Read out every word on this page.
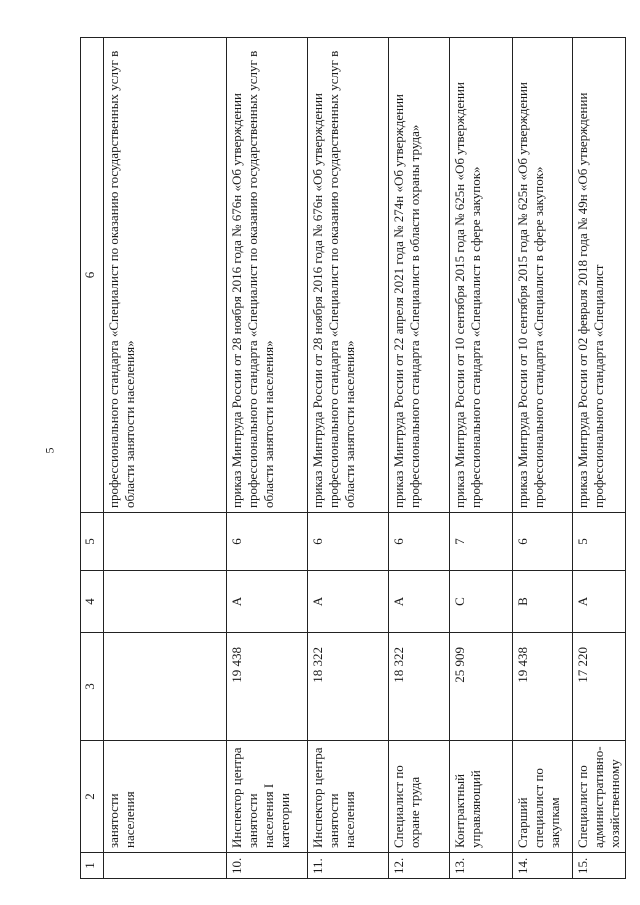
5
1	2	3	4	5	6
	занятости населения				профессионального стандарта «Специалист по оказанию государственных услуг в области занятости населения»
10.	Инспектор центра занятости населения I категории	19 438	А	6	приказ Минтруда России от 28 ноября 2016 года № 676н «Об утверждении профессионального стандарта «Специалист по оказанию государственных услуг в области занятости населения»
11.	Инспектор центра занятости населения	18 322	А	6	приказ Минтруда России от 28 ноября 2016 года № 676н «Об утверждении профессионального стандарта «Специалист по оказанию государственных услуг в области занятости населения»
12.	Специалист по охране труда	18 322	А	6	приказ Минтруда России от 22 апреля 2021 года № 274н «Об утверждении профессионального стандарта «Специалист в области охраны труда»
13.	Контрактный управляющий	25 909	С	7	приказ Минтруда России от 10 сентября 2015 года № 625н «Об утверждении профессионального стандарта «Специалист в сфере закупок»
14.	Старший специалист по закупкам	19 438	В	6	приказ Минтруда России от 10 сентября 2015 года № 625н «Об утверждении профессионального стандарта «Специалист в сфере закупок»
15.	Специалист по административно-хозяйственному	17 220	А	5	приказ Минтруда России от 02 февраля 2018 года № 49н «Об утверждении профессионального стандарта «Специалист
